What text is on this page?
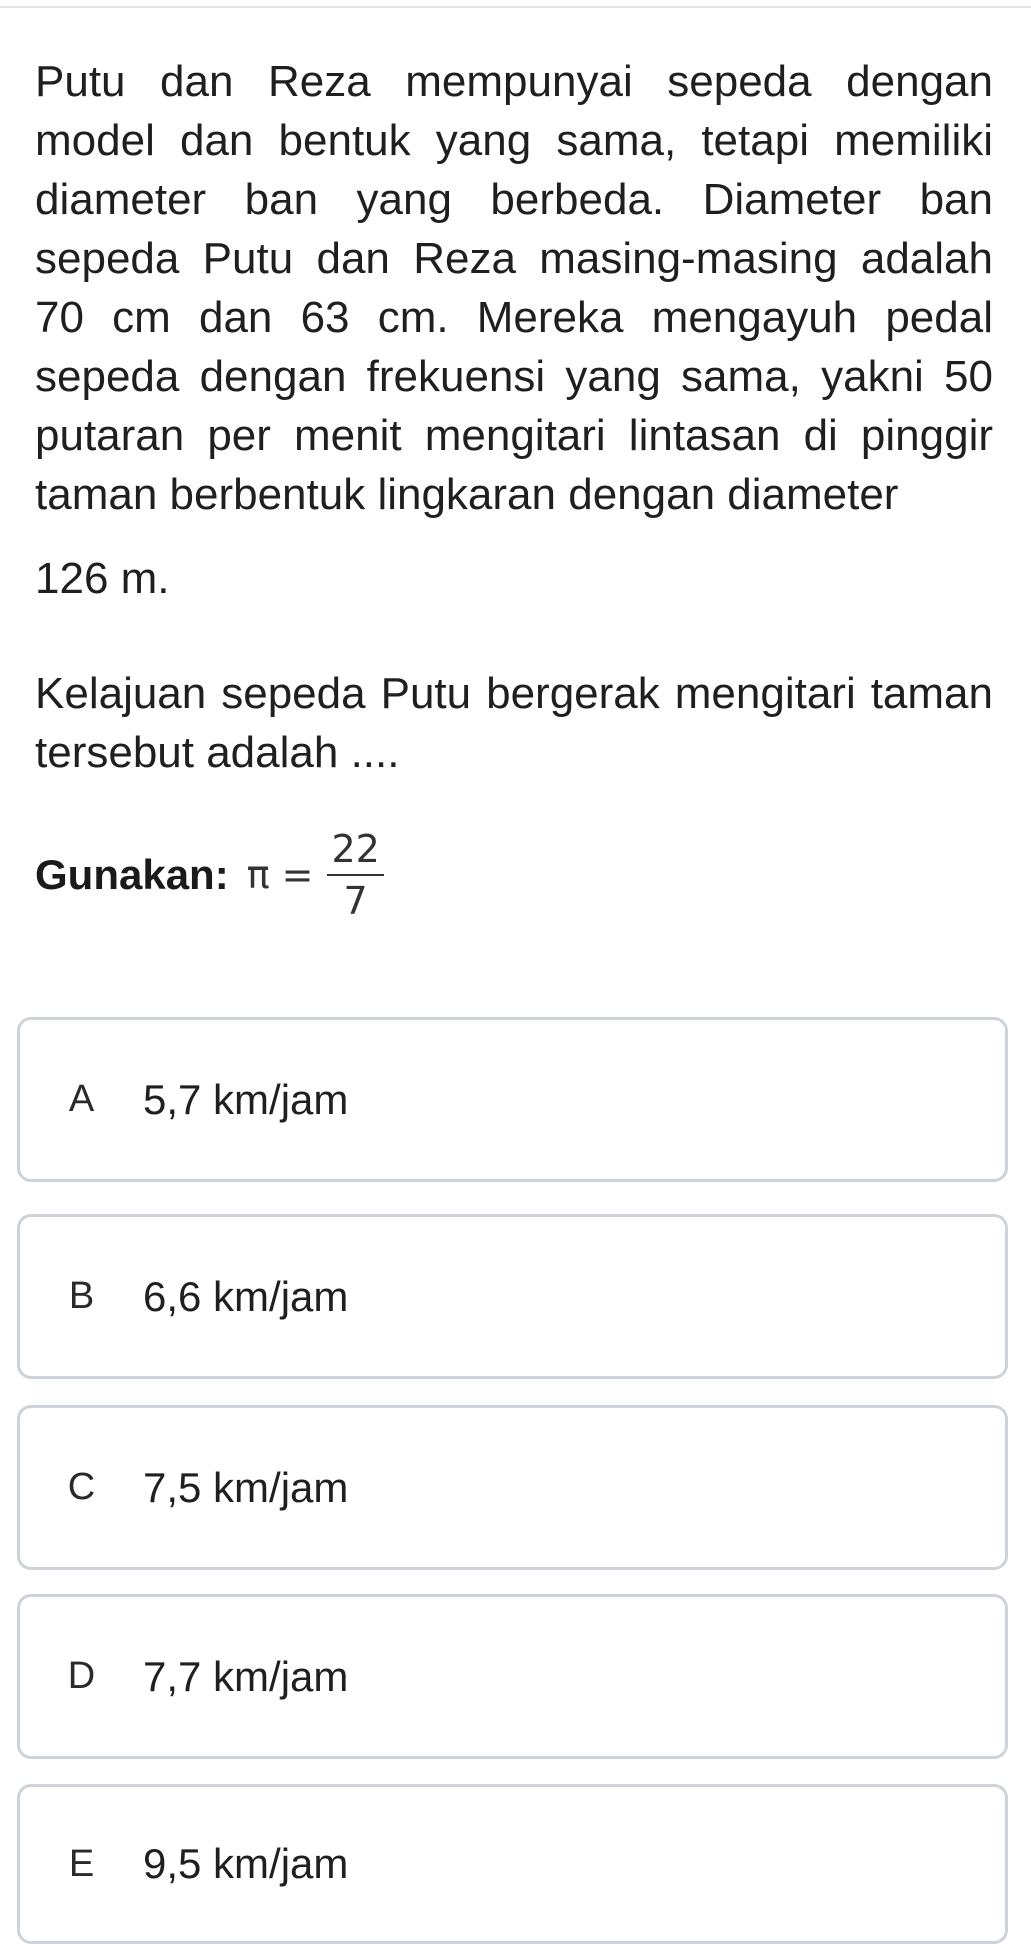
Putu dan Reza mempunyai sepeda dengan model dan bentuk yang sama, tetapi memiliki diameter ban yang berbeda. Diameter ban sepeda Putu dan Reza masing-masing adalah 70 cm dan 63 cm. Mereka mengayuh pedal sepeda dengan frekuensi yang sama, yakni 50 putaran per menit mengitari lintasan di pinggir taman berbentuk lingkaran dengan diameter

126 m.

Kelajuan sepeda Putu bergerak mengitari taman tersebut adalah ....

Gunakan: $\pi = \frac{22}{7}$
A 5,7 km/jam
B 6,6 km/jam
C 7,5 km/jam
D 7,7 km/jam
E 9,5 km/jam
